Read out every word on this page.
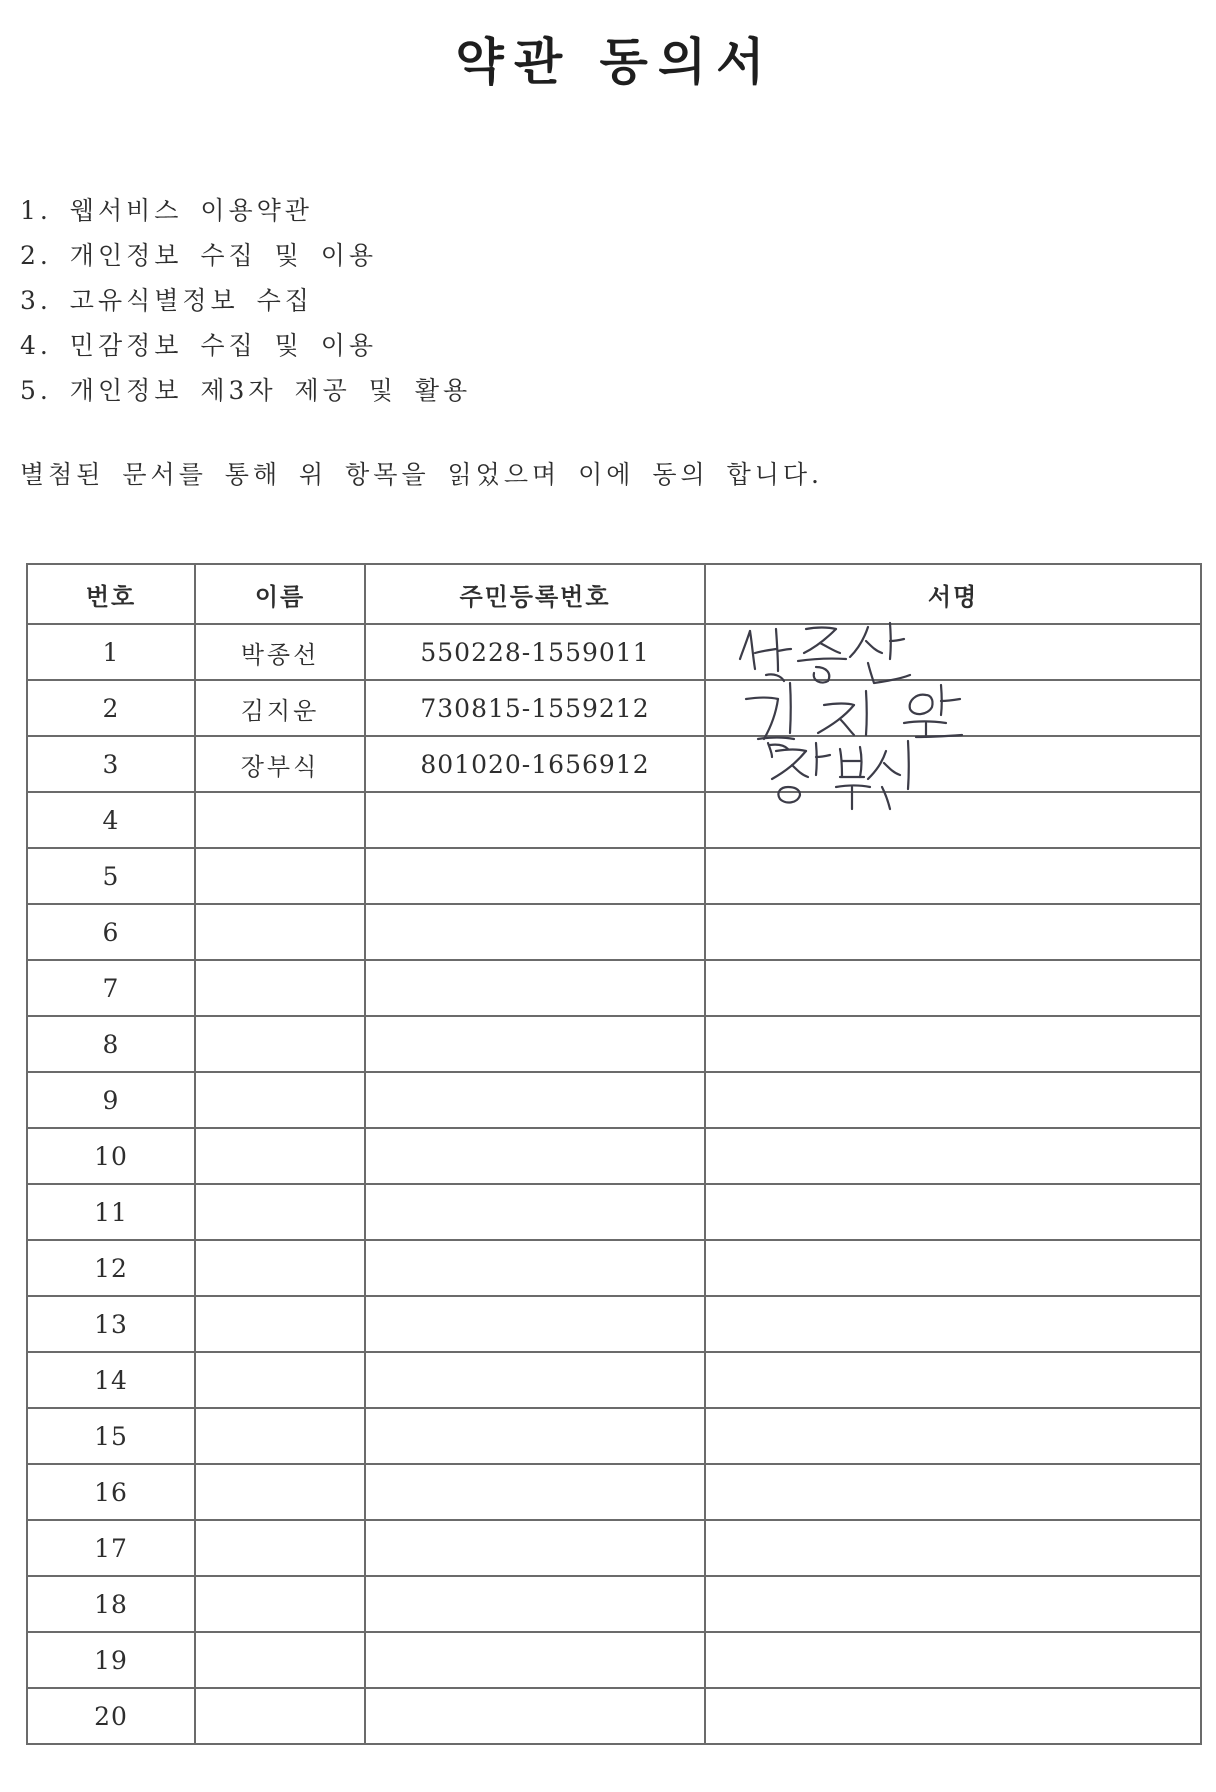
약관 동의서
1. 웹서비스 이용약관
2. 개인정보 수집 및 이용
3. 고유식별정보 수집
4. 민감정보 수집 및 이용
5. 개인정보 제3자 제공 및 활용
별첨된 문서를 통해 위 항목을 읽었으며 이에 동의 합니다.
번호	이름	주민등록번호	서명
1	박종선	550228-1559011	

2	김지운	730815-1559212	

3	장부식	801020-1656912	

4			
5			
6			
7			
8			
9			
10			
11			
12			
13			
14			
15			
16			
17			
18			
19			
20			
